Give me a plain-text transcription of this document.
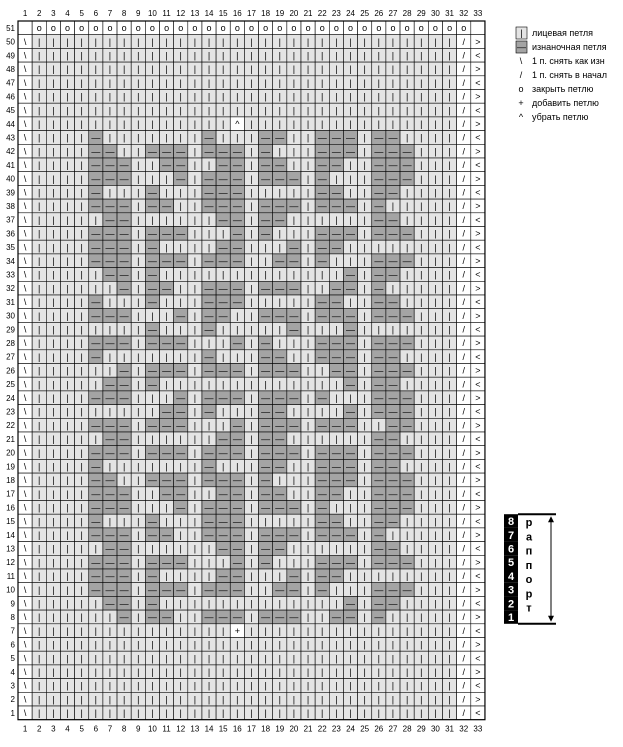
o o o o o o o o o o o o o o o o o o o o o o o o o o o o o o o
\ | | | | | | | | | | | | | | | | | | | | | | | | | | | | | | / >
\ | | | | | | | | | | | | | | | | | | | | | | | | | | | | | | / <
\ | | | | | | | | | | | | | | | | | | | | | | | | | | | | | | / >
\ | | | | | | | | | | | | | | | | | | | | | | | | | | | | | | / <
\ | | | | | | | | | | | | | | | | | | | | | | | | | | | | | | / >
\ | | | | | | | | | | | | | | | | | | | | | | | | | | | | | | / <
\ | | | | | | | | | | | | | | ^ | | | | | | | | | | | | | | | / >
\ | | | | — | | | | | | | — | | | — — | | — — — | — — | | | | / <
\ | | | | — — | | — — — | — — — | — | | | — — — | — — — | | | / >
\ | | | | — — — | | — — | | — — | — — | | — — | | — — — | | | / <
\ | | | | — — — | | | — | — — — | — — — | — | | | — — — | | | / >
\ | | | | — | | | — | | | — — — | | | | | — — | | — — | | | | / <
\ | | | | — — — | — — | | — — — | — — — | — — — | — | | | | | / >
\ | | | | | — — | | | | | | — — | — — | | | | | | — — | | | | / <
\ | | | | — — — | — — — | | | — | — | | | — — — | — — — | | | / >
\ | | | | — — — | — | | | | — — | | | — | — — | | | | | | | | / <
\ | | | | — — — | — — — | — — — | | — — | — | | | — — — | | | / >
\ | | | | | — — | — | | | | | | | | | | | | | — | — — | | | | / <
\ | | | | | | — | — — | | — — — | — — — | | — — | — | | | | | / >
\ | | | | — | | | — | | | — — — | | | | | — — | | — — | | | | / <
\ | | | | — — — | | | — | — — | | — — — | — — — | — — — | | | / >
\ | | | | | | | | — | | | — | | | | | — | | | — | | | | | | | / <
\ | | | | — — — | — — — | | | — | — | | | — — — | — — — | | | / >
\ | | | | — | | | | | | | — | | | — — | | — — — | — — | | | | / <
\ | | | | | | — | — — — | — — — | — — — | | — — | — — — | | | / >
\ | | | | | — — | — | | | | | | | | | | | | | — | — — | | | | / <
\ | | | | — — — | | | — | — — — | — — — | — | | | — — — | | | / >
\ | | | | | | | | | — — | — | | | — — | | | | — | — — — | | | / <
\ | | | | — — — | — — — | | | — | — — — | — — — | | — — | | | / >
\ | | | | | — — | | | | | | — — | — — | | | | | | — — | | | | / <
\ | | | | — — — | — — — | — — — | — — — | — — — | — — — | | | / >
\ | | | | — | | | | | | | — | | | — — | | — — — | — — | | | | / <
\ | | | | — — | | — — — | — — — | — | | | — — — | — — — | | | / >
\ | | | | — — — | | — — | | — — | — — | | — — | | — — — | | | / <
\ | | | | — — — | | | — | — — — | — — — | — | | | — — — | | | / >
\ | | | | — | | | — | | | — — — | | | | | — — | | — — | | | | / <
\ | | | | — — — | — — | | — — — | — — — | — — — | — | | | | | / >
\ | | | | | — — | | | | | | — — | — — | | | | | | — — | | | | / <
\ | | | | — — — | — — — | | | — | — | | | — — — | — — — | | | / >
\ | | | | — — — | — | | | | — — | | | — | — — | | | | | | | | / <
\ | | | | — — — | — — — | — — — | | — — | — | | | — — — | | | / >
\ | | | | | — — | — | | | | | | | | | | | | | — | — — | | | | / <
\ | | | | | | — | — — | | — — — | — — — | | — — | — | | | | | / >
\ | | | | | | | | | | | | | | + | | | | | | | | | | | | | | | / <
\ | | | | | | | | | | | | | | | | | | | | | | | | | | | | | | / >
\ | | | | | | | | | | | | | | | | | | | | | | | | | | | | | | / <
\ | | | | | | | | | | | | | | | | | | | | | | | | | | | | | | / >
\ | | | | | | | | | | | | | | | | | | | | | | | | | | | | | | / <
\ | | | | | | | | | | | | | | | | | | | | | | | | | | | | | | / >
\ | | | | | | | | | | | | | | | | | | | | | | | | | | | | | | / <
51
50
49
48
47
46
45
44
43
42
41
40
39
38
37
36
35
34
33
32
31
30
29
28
27
26
25
24
23
22
21
20
19
18
17
16
15
14
13
12
11
10
9
8
7
6
5
4
3
2
1
1
1
2
2
3
3
4
4
5
5
6
6
7
7
8
8
9
9
10
10
11
11
12
12
13
13
14
14
15
15
16
16
17
17
18
18
19
19
20
20
21
21
22
22
23
23
24
24
25
25
26
26
27
27
28
28
29
29
30
30
31
31
32
32
33
33
| лицевая петля
— изнаночная петля
\ 1 п. снять как изн
/ 1 п. снять в начал
o закрыть петлю
+ добавить петлю
^ убрать петлю
8
7
6
5
4
3
2
1
р
а
п
п
о
р
т
